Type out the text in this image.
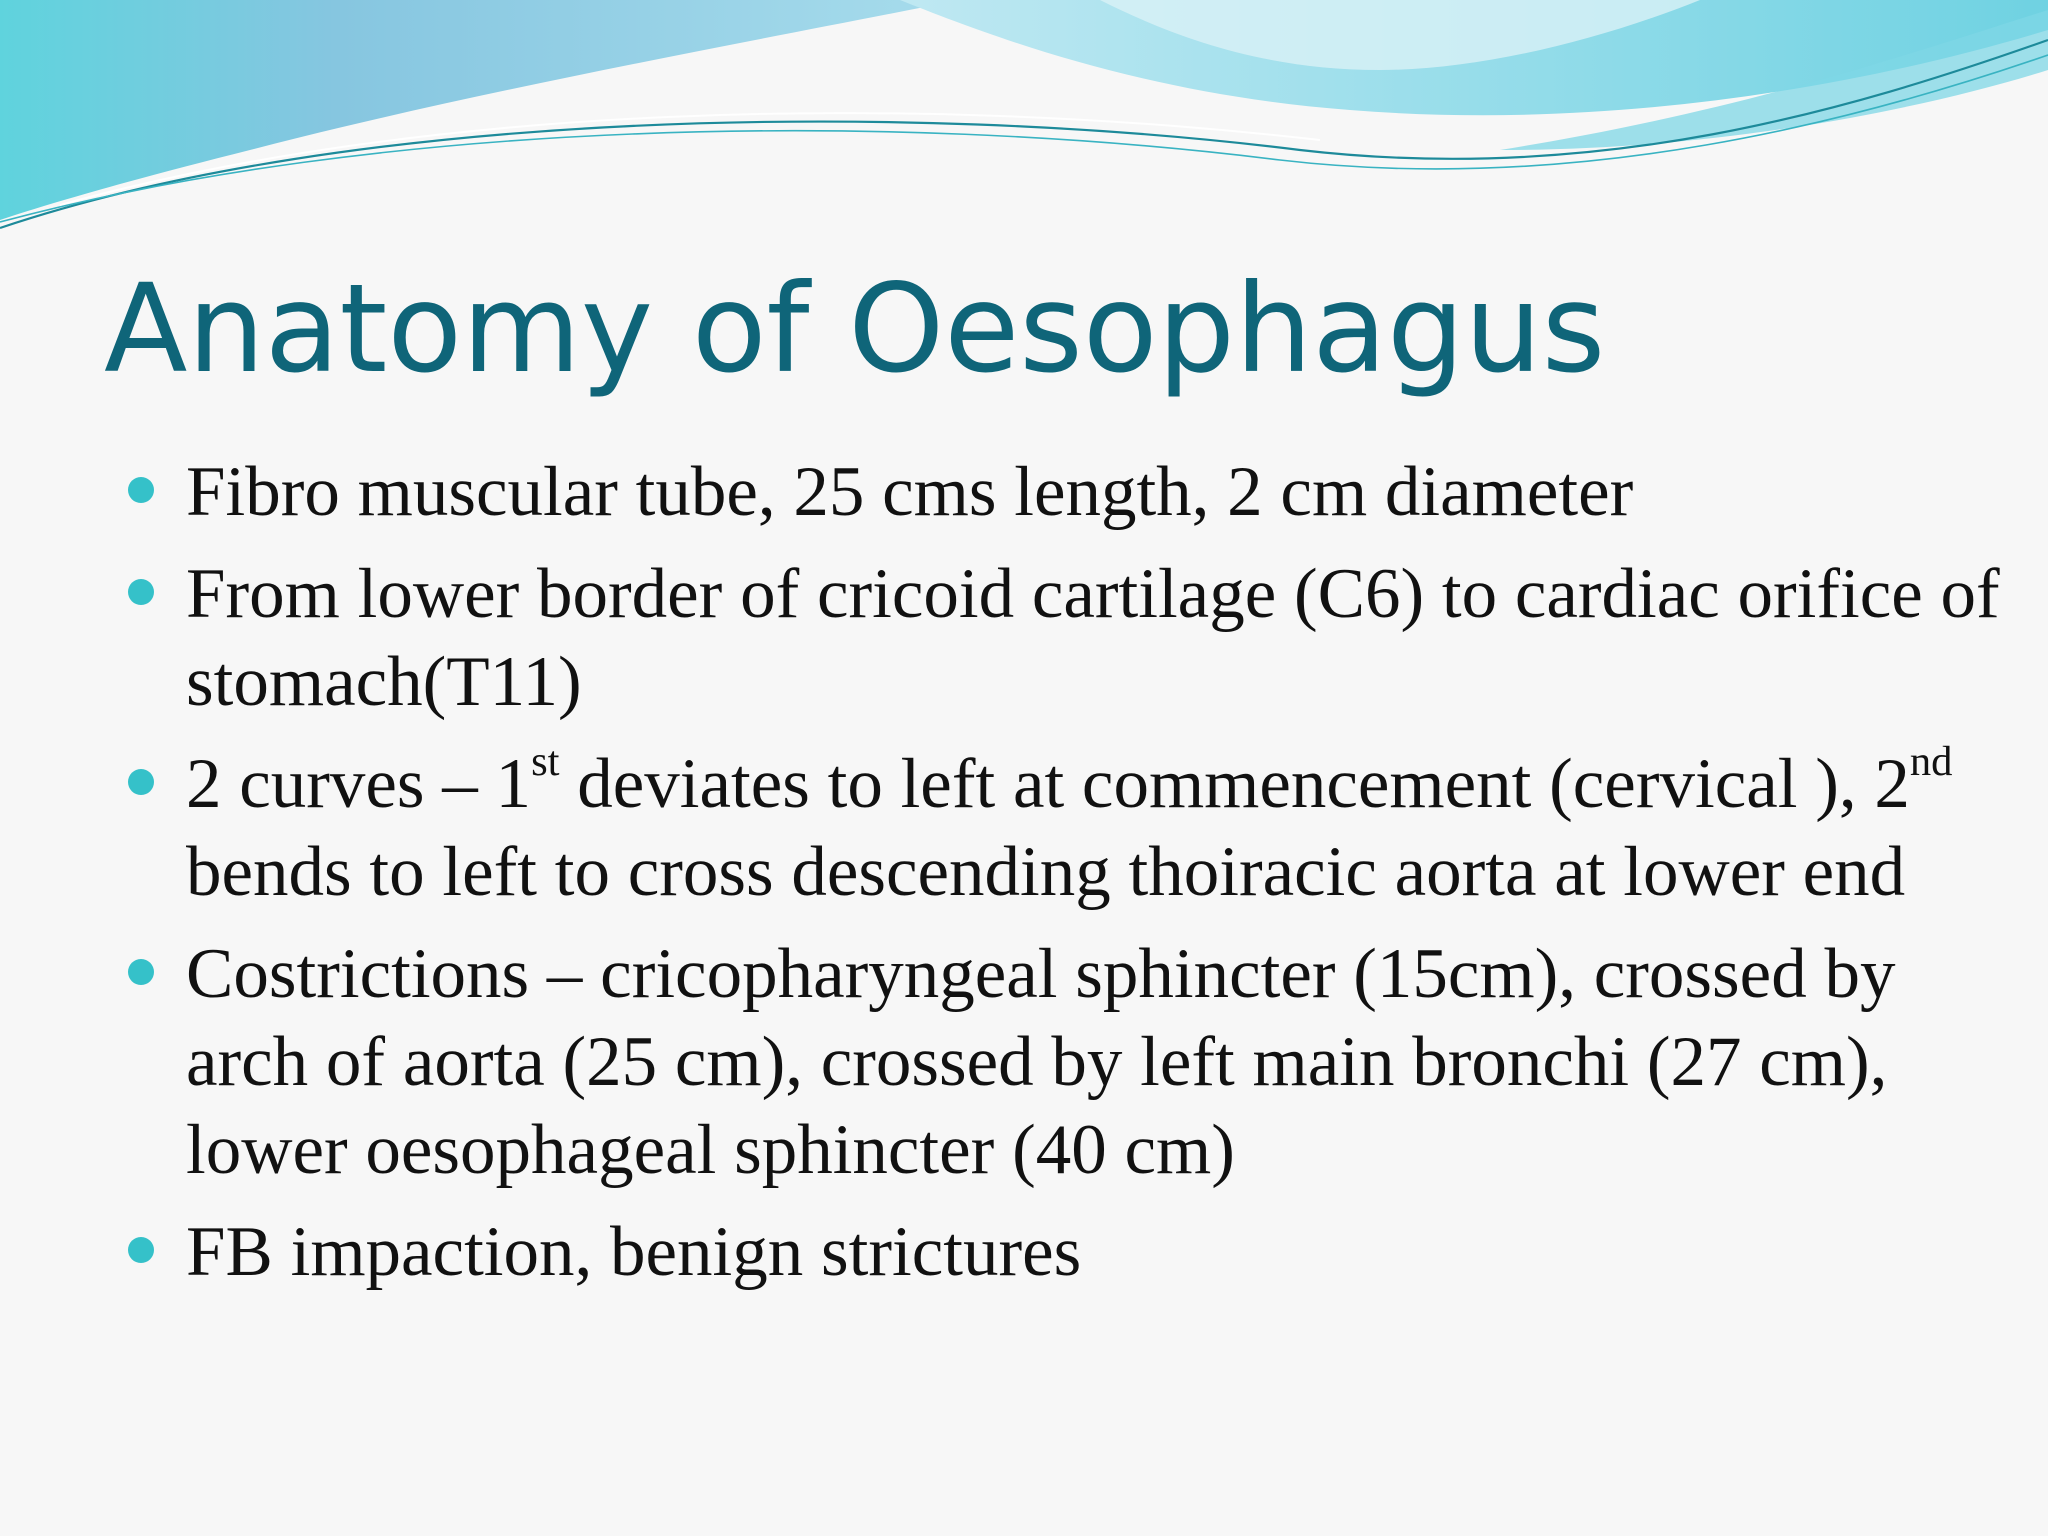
Anatomy of Oesophagus
Fibro muscular tube, 25 cms length, 2 cm diameter
From lower border of cricoid cartilage (C6) to cardiac orifice of stomach(T11)
2 curves – 1st deviates to left at commencement (cervical ), 2nd bends to left to cross descending thoiracic aorta at lower end
Costrictions – cricopharyngeal sphincter (15cm), crossed by arch of aorta (25 cm), crossed by left main bronchi (27 cm), lower oesophageal sphincter (40 cm)
FB impaction, benign strictures
